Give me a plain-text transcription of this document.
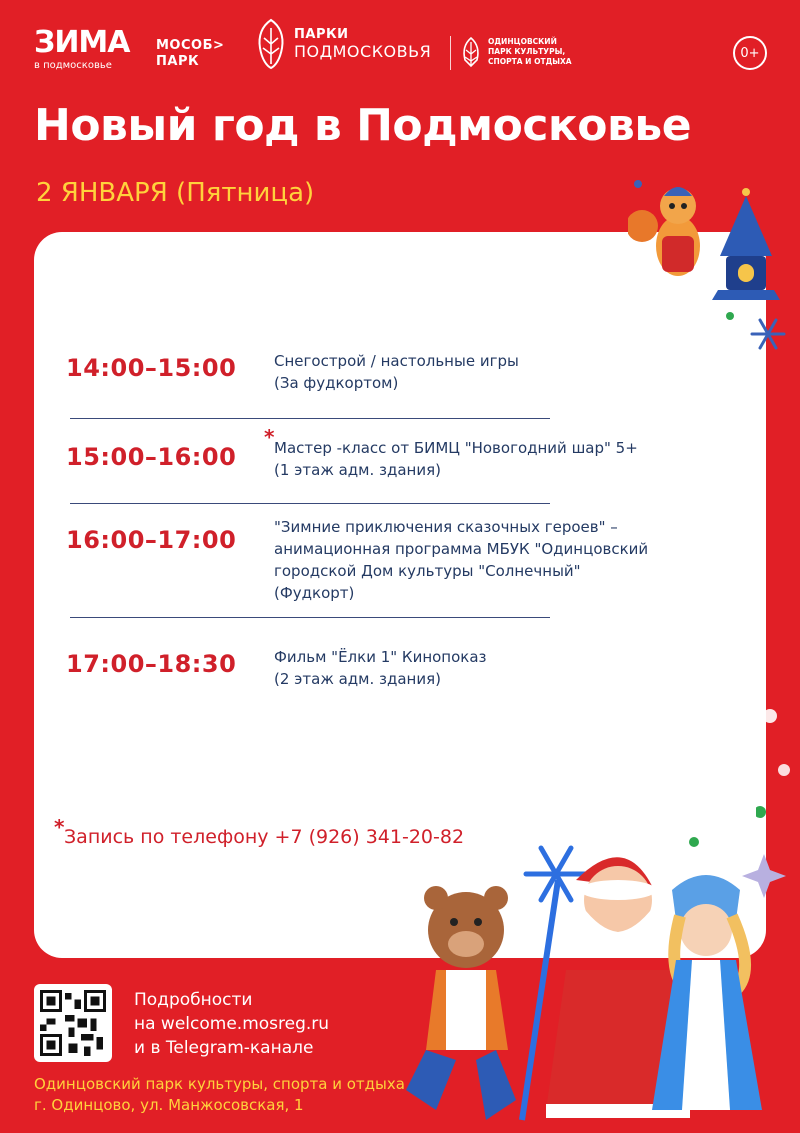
ЗИМА
в подмосковье
МОСОБ>
ПАРК
ПАРКИ
ПОДМОСКОВЬЯ
ОДИНЦОВСКИЙ
ПАРК КУЛЬТУРЫ,
СПОРТА И ОТДЫХА
0+
Новый год в Подмосковье
2 ЯНВАРЯ (Пятница)
14:00–15:00	Снегострой / настольные игры
(За фудкортом)
*
15:00–16:00	Мастер -класс от БИМЦ "Новогодний шар" 5+
(1 этаж адм. здания)
16:00–17:00	"Зимние приключения сказочных героев" –
анимационная программа МБУК "Одинцовский
городской Дом культуры "Солнечный"
(Фудкорт)
17:00–18:30	Фильм "Ёлки 1" Кинопоказ
(2 этаж адм. здания)
* Запись по телефону +7 (926) 341-20-82
Подробности
на welcome.mosreg.ru
и в Telegram-канале
Одинцовский парк культуры, спорта и отдыха
г. Одинцово, ул. Манжосовская, 1
